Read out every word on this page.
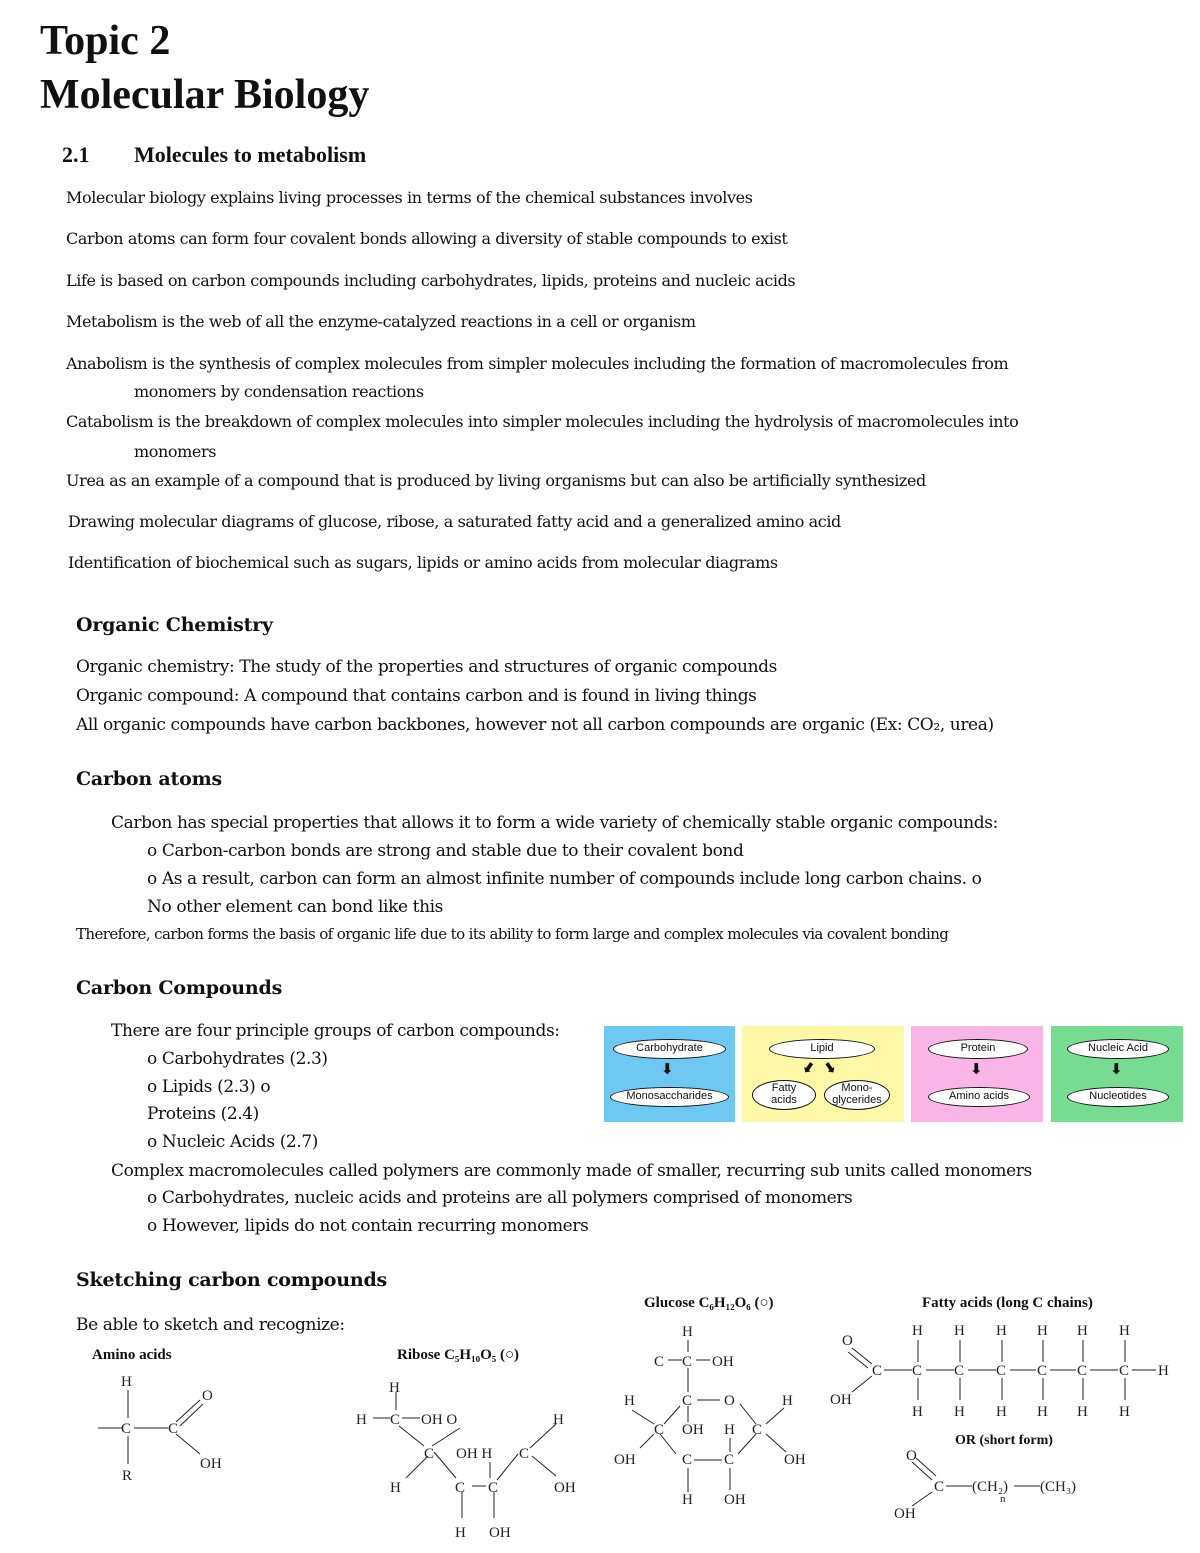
Topic 2
Molecular Biology
2.1 Molecules to metabolism
Molecular biology explains living processes in terms of the chemical substances involves
Carbon atoms can form four covalent bonds allowing a diversity of stable compounds to exist
Life is based on carbon compounds including carbohydrates, lipids, proteins and nucleic acids
Metabolism is the web of all the enzyme-catalyzed reactions in a cell or organism
Anabolism is the synthesis of complex molecules from simpler molecules including the formation of macromolecules from
monomers by condensation reactions
Catabolism is the breakdown of complex molecules into simpler molecules including the hydrolysis of macromolecules into
monomers
Urea as an example of a compound that is produced by living organisms but can also be artificially synthesized
Drawing molecular diagrams of glucose, ribose, a saturated fatty acid and a generalized amino acid
Identification of biochemical such as sugars, lipids or amino acids from molecular diagrams
Organic Chemistry
Organic chemistry: The study of the properties and structures of organic compounds
Organic compound: A compound that contains carbon and is found in living things
All organic compounds have carbon backbones, however not all carbon compounds are organic (Ex: CO₂, urea)
Carbon atoms
Carbon has special properties that allows it to form a wide variety of chemically stable organic compounds:
o Carbon-carbon bonds are strong and stable due to their covalent bond
o As a result, carbon can form an almost infinite number of compounds include long carbon chains. o
No other element can bond like this
Therefore, carbon forms the basis of organic life due to its ability to form large and complex molecules via covalent bonding
Carbon Compounds
There are four principle groups of carbon compounds:
o Carbohydrates (2.3)
o Lipids (2.3) o
Proteins (2.4)
o Nucleic Acids (2.7)
Complex macromolecules called polymers are commonly made of smaller, recurring sub units called monomers
o Carbohydrates, nucleic acids and proteins are all polymers comprised of monomers
o However, lipids do not contain recurring monomers
Carbohydrate
⬇
Monosaccharides
Lipid
⬇ ⬇
Fatty acids
Mono-glycerides
Protein
⬇
Amino acids
Nucleic Acid
⬇
Nucleotides
Sketching carbon compounds
Be able to sketch and recognize:
H
C C
O
OH
R
H
H C OH O	H
C OH H C
H	C C	OH
H OH
H
C C OH
C O
H	H
C OH H C
OH	C C	OH
H OH
O
C
OH
H H H H H H
C C C C C C H
H H H H H H
O
C
OH
(CH₂)
n
(CH₃)
Amino acids	Ribose C₅H₁₀O₅ (○)
Glucose C₆H₁₂O₆ (○)	Fatty acids (long C chains)
OR (short form)
